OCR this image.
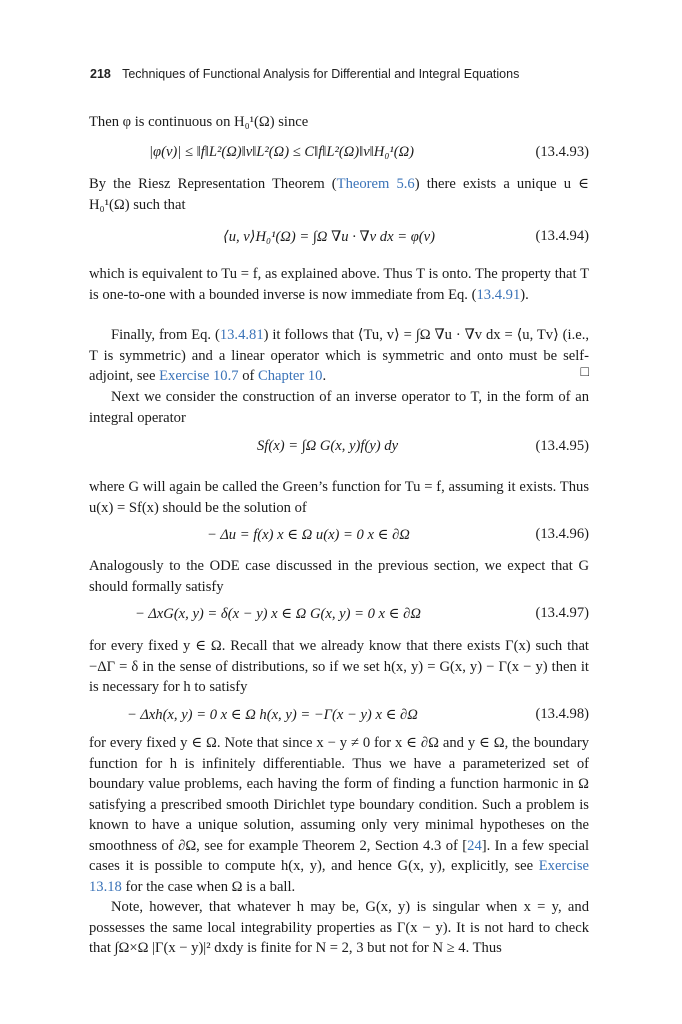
218 Techniques of Functional Analysis for Differential and Integral Equations
Then φ is continuous on H₀¹(Ω) since
|φ(v)| ≤ ‖f‖L²(Ω)‖v‖L²(Ω) ≤ C‖f‖L²(Ω)‖v‖H₀¹(Ω)	(13.4.93)
By the Riesz Representation Theorem (Theorem 5.6) there exists a unique u ∈ H₀¹(Ω) such that
⟨u, v⟩H₀¹(Ω) = ∫Ω ∇u · ∇v dx = φ(v)	(13.4.94)
which is equivalent to Tu = f, as explained above. Thus T is onto. The property that T is one-to-one with a bounded inverse is now immediate from Eq. (13.4.91).
Finally, from Eq. (13.4.81) it follows that ⟨Tu, v⟩ = ∫Ω ∇u · ∇v dx = ⟨u, Tv⟩ (i.e., T is symmetric) and a linear operator which is symmetric and onto must be self-adjoint, see Exercise 10.7 of Chapter 10.	□
Next we consider the construction of an inverse operator to T, in the form of an integral operator
Sf(x) = ∫Ω G(x, y)f(y) dy	(13.4.95)
where G will again be called the Green’s function for Tu = f, assuming it exists. Thus u(x) = Sf(x) should be the solution of
− Δu = f(x) x ∈ Ω u(x) = 0 x ∈ ∂Ω	(13.4.96)
Analogously to the ODE case discussed in the previous section, we expect that G should formally satisfy
− ΔxG(x, y) = δ(x − y) x ∈ Ω G(x, y) = 0 x ∈ ∂Ω	(13.4.97)
for every fixed y ∈ Ω. Recall that we already know that there exists Γ(x) such that −ΔΓ = δ in the sense of distributions, so if we set h(x, y) = G(x, y) − Γ(x − y) then it is necessary for h to satisfy
− Δxh(x, y) = 0 x ∈ Ω h(x, y) = −Γ(x − y) x ∈ ∂Ω	(13.4.98)
for every fixed y ∈ Ω. Note that since x − y ≠ 0 for x ∈ ∂Ω and y ∈ Ω, the boundary function for h is infinitely differentiable. Thus we have a parameterized set of boundary value problems, each having the form of finding a function harmonic in Ω satisfying a prescribed smooth Dirichlet type boundary condition. Such a problem is known to have a unique solution, assuming only very minimal hypotheses on the smoothness of ∂Ω, see for example Theorem 2, Section 4.3 of [24]. In a few special cases it is possible to compute h(x, y), and hence G(x, y), explicitly, see Exercise 13.18 for the case when Ω is a ball.
Note, however, that whatever h may be, G(x, y) is singular when x = y, and possesses the same local integrability properties as Γ(x − y). It is not hard to check that ∫Ω×Ω |Γ(x − y)|² dxdy is finite for N = 2, 3 but not for N ≥ 4. Thus
